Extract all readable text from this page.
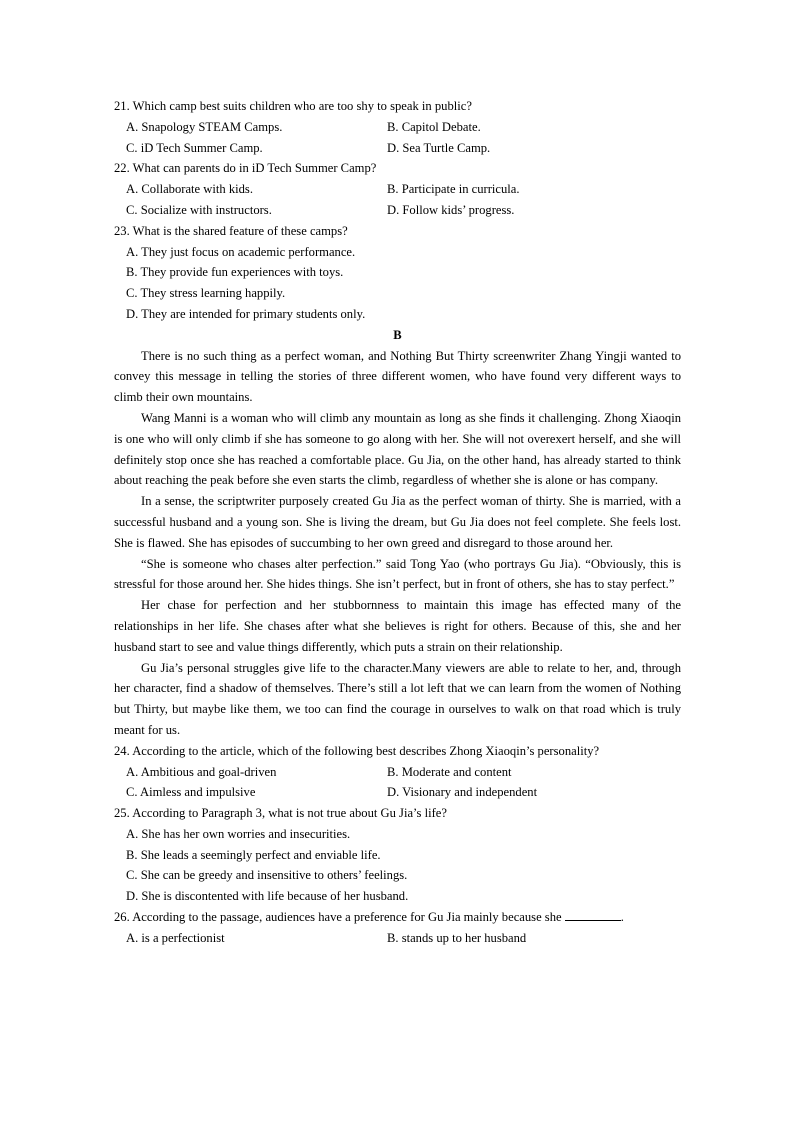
21. Which camp best suits children who are too shy to speak in public?
A. Snapology STEAM Camps.	B. Capitol Debate.
C. iD Tech Summer Camp.	D. Sea Turtle Camp.
22. What can parents do in iD Tech Summer Camp?
A. Collaborate with kids.	B. Participate in curricula.
C. Socialize with instructors.	D. Follow kids’ progress.
23. What is the shared feature of these camps?
A. They just focus on academic performance.
B. They provide fun experiences with toys.
C. They stress learning happily.
D. They are intended for primary students only.
B
There is no such thing as a perfect woman, and Nothing But Thirty screenwriter Zhang Yingji wanted to convey this message in telling the stories of three different women, who have found very different ways to climb their own mountains.
Wang Manni is a woman who will climb any mountain as long as she finds it challenging. Zhong Xiaoqin is one who will only climb if she has someone to go along with her. She will not overexert herself, and she will definitely stop once she has reached a comfortable place. Gu Jia, on the other hand, has already started to think about reaching the peak before she even starts the climb, regardless of whether she is alone or has company.
In a sense, the scriptwriter purposely created Gu Jia as the perfect woman of thirty. She is married, with a successful husband and a young son. She is living the dream, but Gu Jia does not feel complete. She feels lost. She is flawed. She has episodes of succumbing to her own greed and disregard to those around her.
“She is someone who chases alter perfection.” said Tong Yao (who portrays Gu Jia). “Obviously, this is stressful for those around her. She hides things. She isn’t perfect, but in front of others, she has to stay perfect.”
Her chase for perfection and her stubbornness to maintain this image has effected many of the relationships in her life. She chases after what she believes is right for others. Because of this, she and her husband start to see and value things differently, which puts a strain on their relationship.
Gu Jia’s personal struggles give life to the character.Many viewers are able to relate to her, and, through her character, find a shadow of themselves. There’s still a lot left that we can learn from the women of Nothing but Thirty, but maybe like them, we too can find the courage in ourselves to walk on that road which is truly meant for us.
24. According to the article, which of the following best describes Zhong Xiaoqin’s personality?
A. Ambitious and goal-driven	B. Moderate and content
C. Aimless and impulsive	D. Visionary and independent
25. According to Paragraph 3, what is not true about Gu Jia’s life?
A. She has her own worries and insecurities.
B. She leads a seemingly perfect and enviable life.
C. She can be greedy and insensitive to others’ feelings.
D. She is discontented with life because of her husband.
26. According to the passage, audiences have a preference for Gu Jia mainly because she	.
A. is a perfectionist	B. stands up to her husband
